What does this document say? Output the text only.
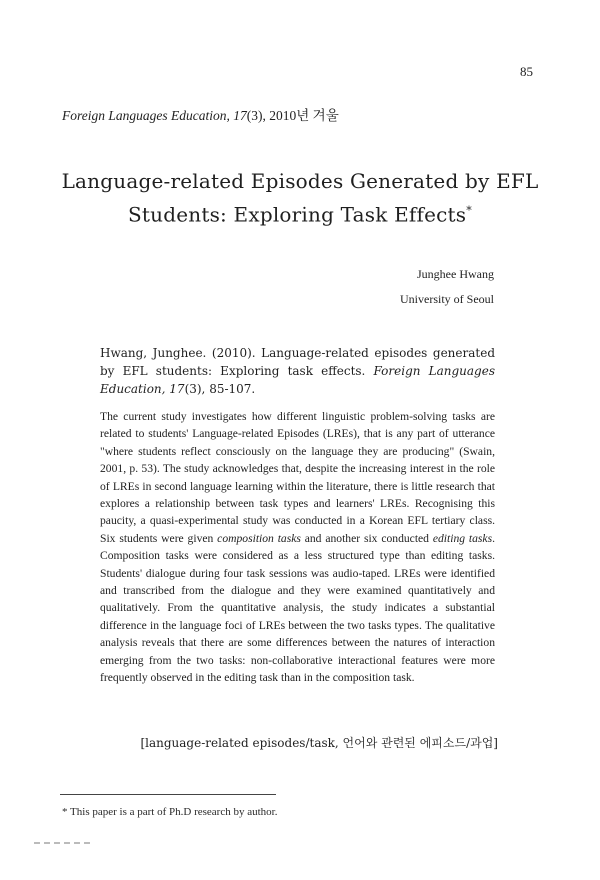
85
Foreign Languages Education, 17(3), 2010년 겨울
Language-related Episodes Generated by EFL
Students: Exploring Task Effects*
Junghee Hwang
University of Seoul
Hwang, Junghee. (2010). Language-related episodes generated by EFL students: Exploring task effects. Foreign Languages Education, 17(3), 85-107.
The current study investigates how different linguistic problem-solving tasks are related to students' Language-related Episodes (LREs), that is any part of utterance "where students reflect consciously on the language they are producing" (Swain, 2001, p. 53). The study acknowledges that, despite the increasing interest in the role of LREs in second language learning within the literature, there is little research that explores a relationship between task types and learners' LREs. Recognising this paucity, a quasi-experimental study was conducted in a Korean EFL tertiary class. Six students were given composition tasks and another six conducted editing tasks. Composition tasks were considered as a less structured type than editing tasks. Students' dialogue during four task sessions was audio-taped. LREs were identified and transcribed from the dialogue and they were examined quantitatively and qualitatively. From the quantitative analysis, the study indicates a substantial difference in the language foci of LREs between the two tasks types. The qualitative analysis reveals that there are some differences between the natures of interaction emerging from the two tasks: non-collaborative interactional features were more frequently observed in the editing task than in the composition task.
[language-related episodes/task, 언어와 관련된 에피소드/과업]
* This paper is a part of Ph.D research by author.
